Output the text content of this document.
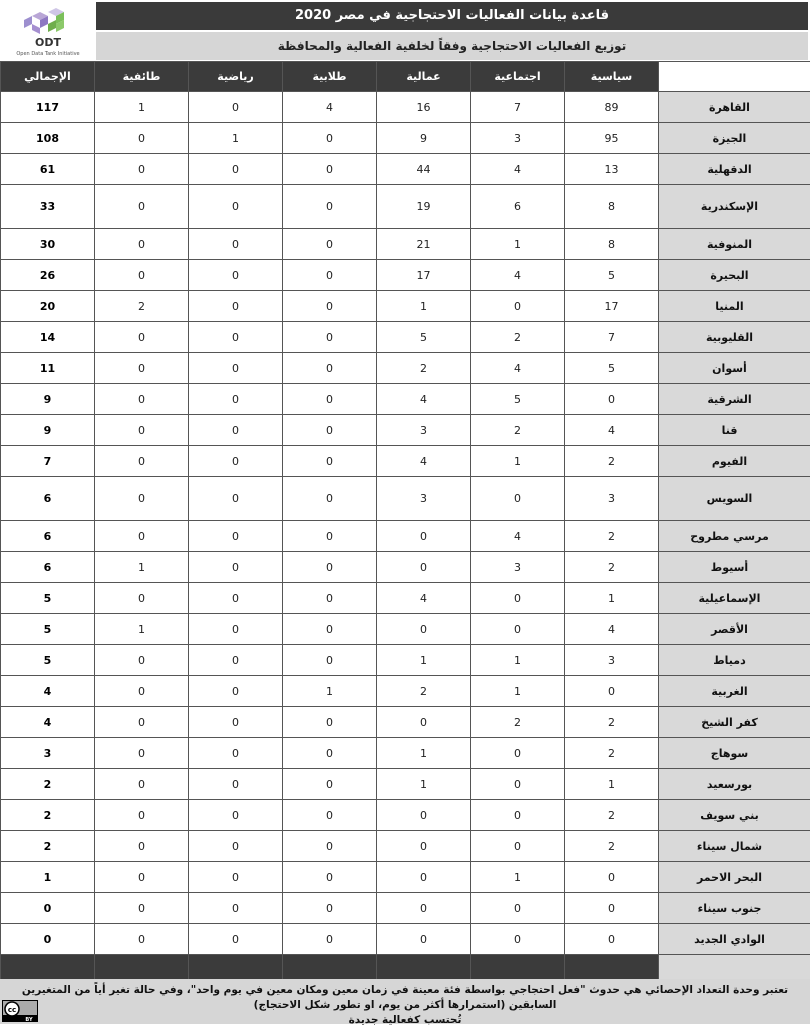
ODT
Open Data Tank Initiative
قاعدة بيانات الفعاليات الاحتجاجية في مصر 2020
توزيع الفعاليات الاحتجاجية وفقاً لخلفية الفعالية والمحافظة
الإجمالي	طائفية	رياضية	طلابية	عمالية	اجتماعية	سياسية	
117	1	0	4	16	7	89	القاهرة
108	0	1	0	9	3	95	الجيزة
61	0	0	0	44	4	13	الدقهلية
33	0	0	0	19	6	8	الإسكندرية
30	0	0	0	21	1	8	المنوفية
26	0	0	0	17	4	5	البحيرة
20	2	0	0	1	0	17	المنيا
14	0	0	0	5	2	7	القليوبية
11	0	0	0	2	4	5	أسوان
9	0	0	0	4	5	0	الشرقية
9	0	0	0	3	2	4	قنا
7	0	0	0	4	1	2	الفيوم
6	0	0	0	3	0	3	السويس
6	0	0	0	0	4	2	مرسي مطروح
6	1	0	0	0	3	2	أسيوط
5	0	0	0	4	0	1	الإسماعيلية
5	1	0	0	0	0	4	الأقصر
5	0	0	0	1	1	3	دمياط
4	0	0	1	2	1	0	الغربية
4	0	0	0	0	2	2	كفر الشيخ
3	0	0	0	1	0	2	سوهاج
2	0	0	0	1	0	1	بورسعيد
2	0	0	0	0	0	2	بني سويف
2	0	0	0	0	0	2	شمال سيناء
1	0	0	0	0	1	0	البحر الاحمر
0	0	0	0	0	0	0	جنوب سيناء
0	0	0	0	0	0	0	الوادي الجديد

تعتبر وحدة التعداد الإحصائي هي حدوث "فعل احتجاجي بواسطة فئة معينة في زمان معين ومكان معين في يوم واحد"، وفي حالة تغير أياً من المتغيرين السابقين (استمرارها أكثر من يوم، او تطور شكل الاحتجاج)
تُحتسب كفعالية جديدة
cc
BY
